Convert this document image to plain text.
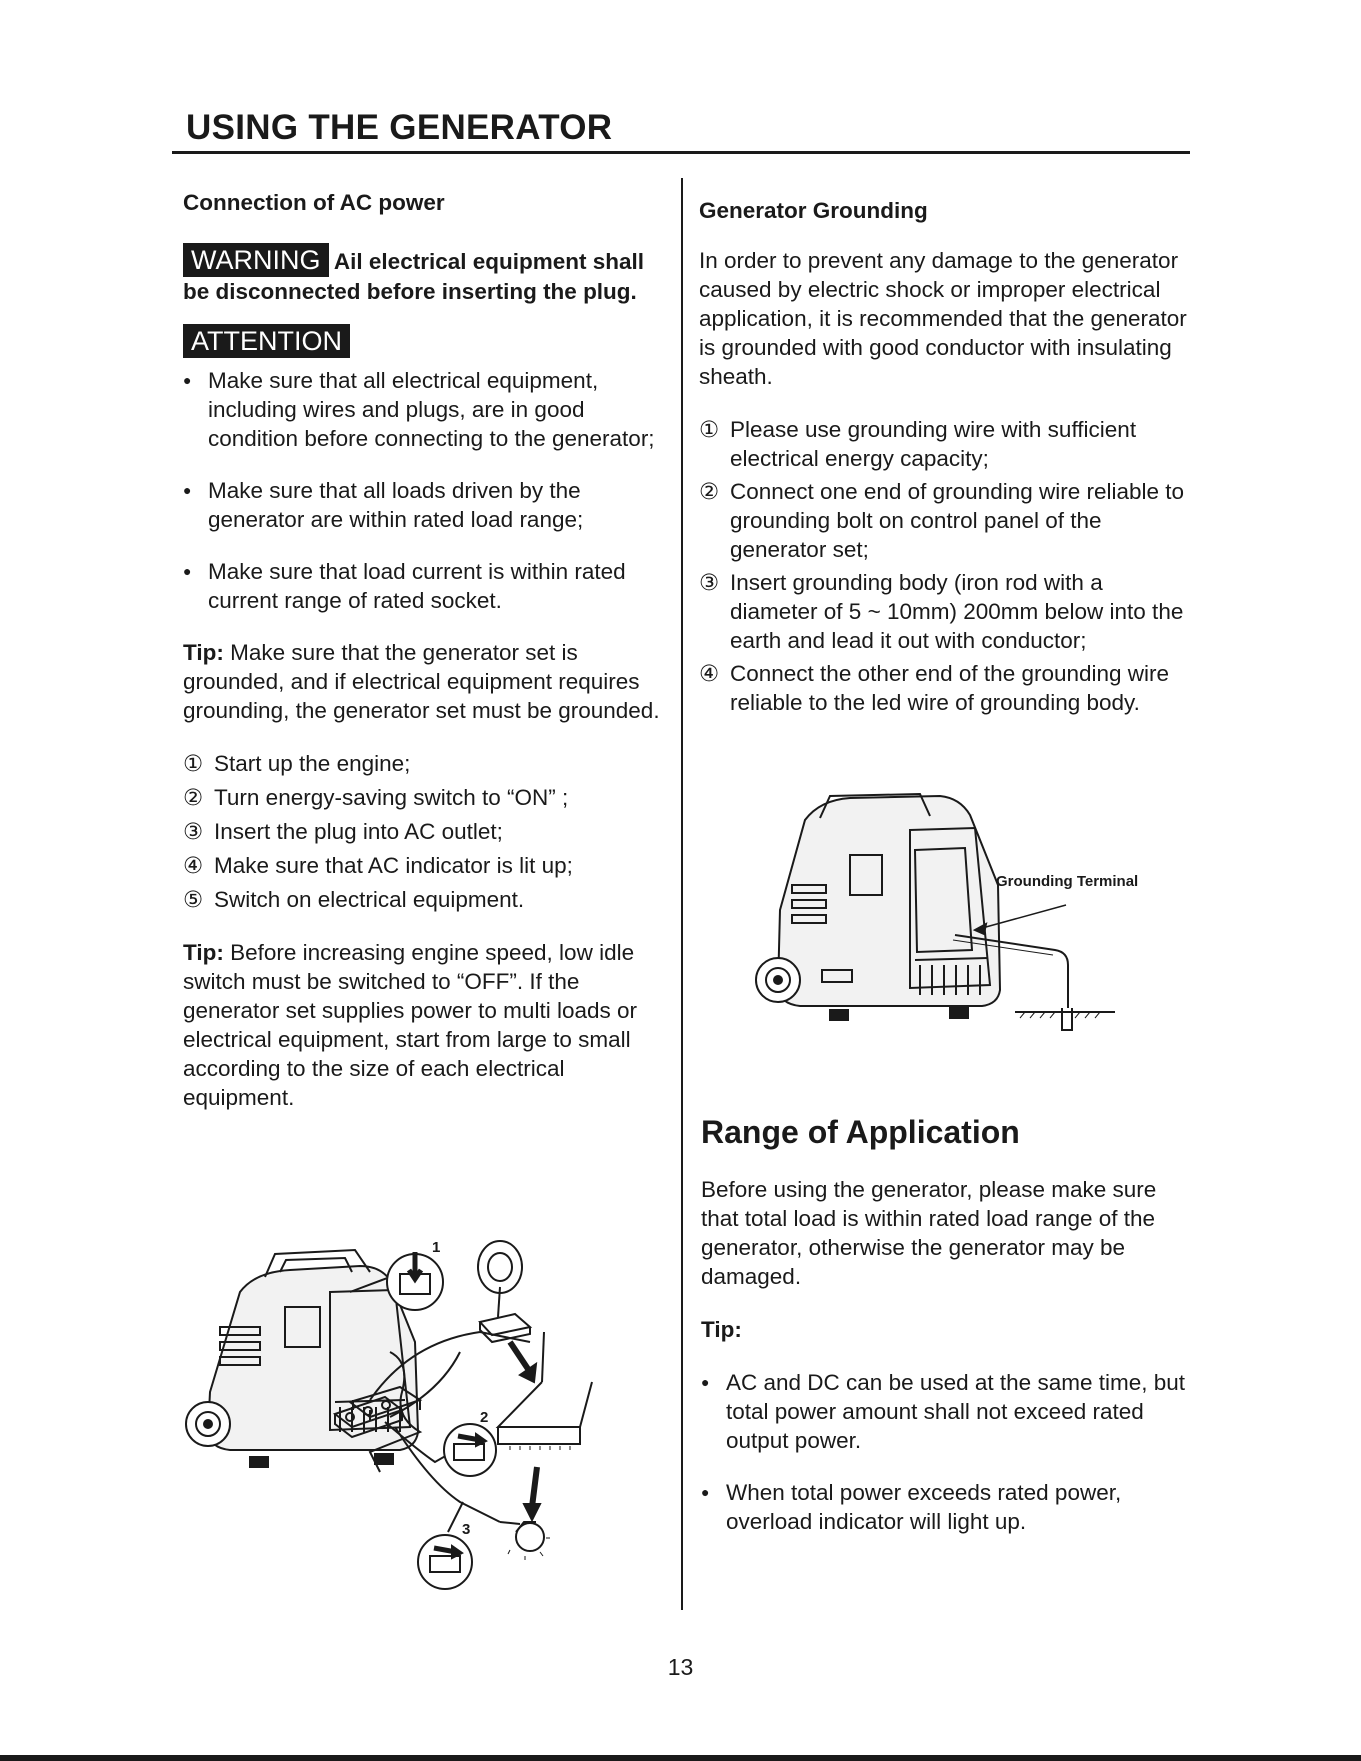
USING THE GENERATOR

Connection of AC power

WARNING Ail electrical equipment shall be disconnected before inserting the plug.

ATTENTION

● Make sure that all electrical equipment, including wires and plugs, are in good condition before connecting to the generator;
● Make sure that all loads driven by the generator are within rated load range;
● Make sure that load current is within rated current range of rated socket.

Tip: Make sure that the generator set is grounded, and if electrical equipment requires grounding, the generator set must be grounded.

① Start up the engine;
② Turn energy-saving switch to “ON” ;
③ Insert the plug into AC outlet;
④ Make sure that AC indicator is lit up;
⑤ Switch on electrical equipment.

Tip: Before increasing engine speed, low idle switch must be switched to “OFF”. If the generator set supplies power to multi loads or electrical equipment, start from large to small according to the size of each electrical equipment.

1
2
3

Generator Grounding

In order to prevent any damage to the generator caused by electric shock or improper electrical application, it is recommended that the generator is grounded with good conductor with insulating sheath.

① Please use grounding wire with sufficient electrical energy capacity;
② Connect one end of grounding wire reliable to grounding bolt on control panel of the generator set;
③ Insert grounding body (iron rod with a diameter of 5 ~ 10mm) 200mm below into the earth and lead it out with conductor;
④ Connect the other end of the grounding wire reliable to the led wire of grounding body.
Grounding Terminal

Range of Application

Before using the generator, please make sure that total load is within rated load range of the generator, otherwise the generator may be damaged.

Tip:

● AC and DC can be used at the same time, but total power amount shall not exceed rated output power.
● When total power exceeds rated power, overload indicator will light up.
13
